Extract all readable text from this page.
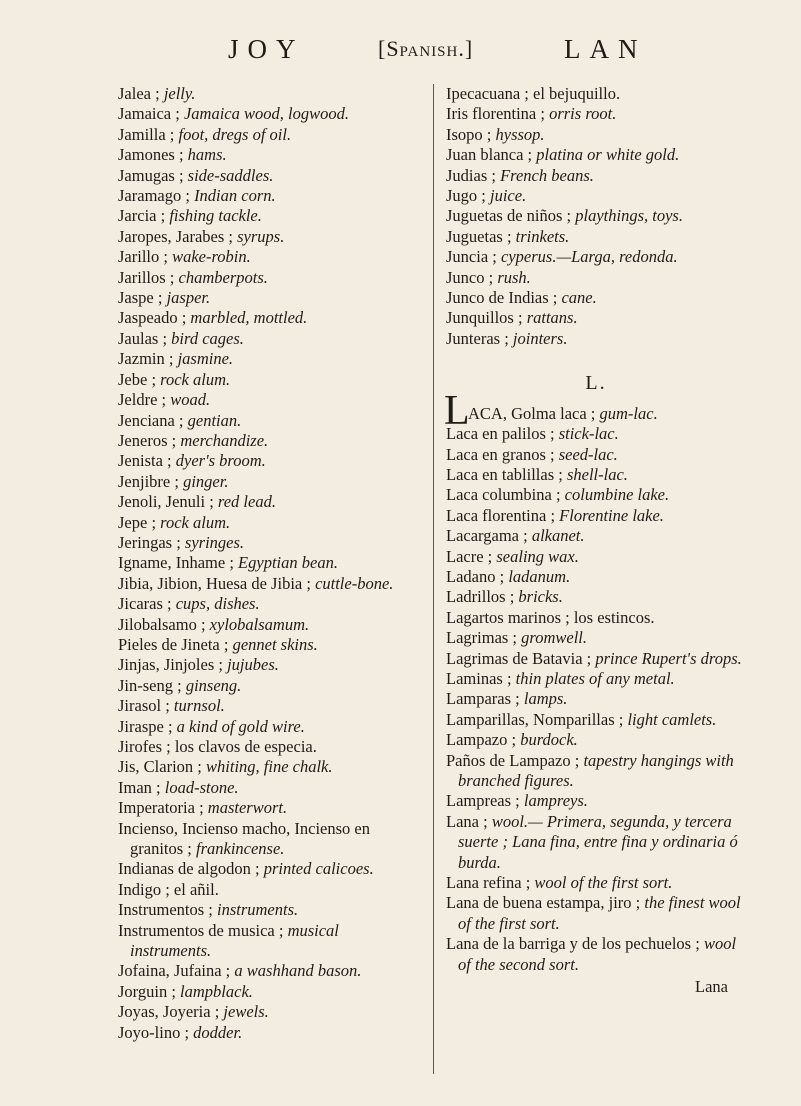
JOY	[Spanish.]	LAN
Jalea ; jelly.
Jamaica ; Jamaica wood, logwood.
Jamilla ; foot, dregs of oil.
Jamones ; hams.
Jamugas ; side-saddles.
Jaramago ; Indian corn.
Jarcia ; fishing tackle.
Jaropes, Jarabes ; syrups.
Jarillo ; wake-robin.
Jarillos ; chamberpots.
Jaspe ; jasper.
Jaspeado ; marbled, mottled.
Jaulas ; bird cages.
Jazmin ; jasmine.
Jebe ; rock alum.
Jeldre ; woad.
Jenciana ; gentian.
Jeneros ; merchandize.
Jenista ; dyer's broom.
Jenjibre ; ginger.
Jenoli, Jenuli ; red lead.
Jepe ; rock alum.
Jeringas ; syringes.
Igname, Inhame ; Egyptian bean.
Jibia, Jibion, Huesa de Jibia ; cuttle-bone.
Jicaras ; cups, dishes.
Jilobalsamo ; xylobalsamum.
Pieles de Jineta ; gennet skins.
Jinjas, Jinjoles ; jujubes.
Jin-seng ; ginseng.
Jirasol ; turnsol.
Jiraspe ; a kind of gold wire.
Jirofes ; los clavos de especia.
Jis, Clarion ; whiting, fine chalk.
Iman ; load-stone.
Imperatoria ; masterwort.
Incienso, Incienso macho, Incienso en granitos ; frankincense.
Indianas de algodon ; printed calicoes.
Indigo ; el añil.
Instrumentos ; instruments.
Instrumentos de musica ; musical instruments.
Jofaina, Jufaina ; a washhand bason.
Jorguin ; lampblack.
Joyas, Joyeria ; jewels.
Joyo-lino ; dodder.
Ipecacuana ; el bejuquillo.
Iris florentina ; orris root.
Isopo ; hyssop.
Juan blanca ; platina or white gold.
Judias ; French beans.
Jugo ; juice.
Juguetas de niños ; playthings, toys.
Juguetas ; trinkets.
Juncia ; cyperus.—Larga, redonda.
Junco ; rush.
Junco de Indias ; cane.
Junquillos ; rattans.
Junteras ; jointers.
L.
L
ACA, Golma laca ; gum-lac.
Laca en palilos ; stick-lac.
Laca en granos ; seed-lac.
Laca en tablillas ; shell-lac.
Laca columbina ; columbine lake.
Laca florentina ; Florentine lake.
Lacargama ; alkanet.
Lacre ; sealing wax.
Ladano ; ladanum.
Ladrillos ; bricks.
Lagartos marinos ; los estincos.
Lagrimas ; gromwell.
Lagrimas de Batavia ; prince Rupert's drops.
Laminas ; thin plates of any metal.
Lamparas ; lamps.
Lamparillas, Nomparillas ; light camlets.
Lampazo ; burdock.
Paños de Lampazo ; tapestry hangings with branched figures.
Lampreas ; lampreys.
Lana ; wool.— Primera, segunda, y tercera suerte ; Lana fina, entre fina y ordinaria ó burda.
Lana refina ; wool of the first sort.
Lana de buena estampa, jiro ; the finest wool of the first sort.
Lana de la barriga y de los pechuelos ; wool of the second sort.
Lana
